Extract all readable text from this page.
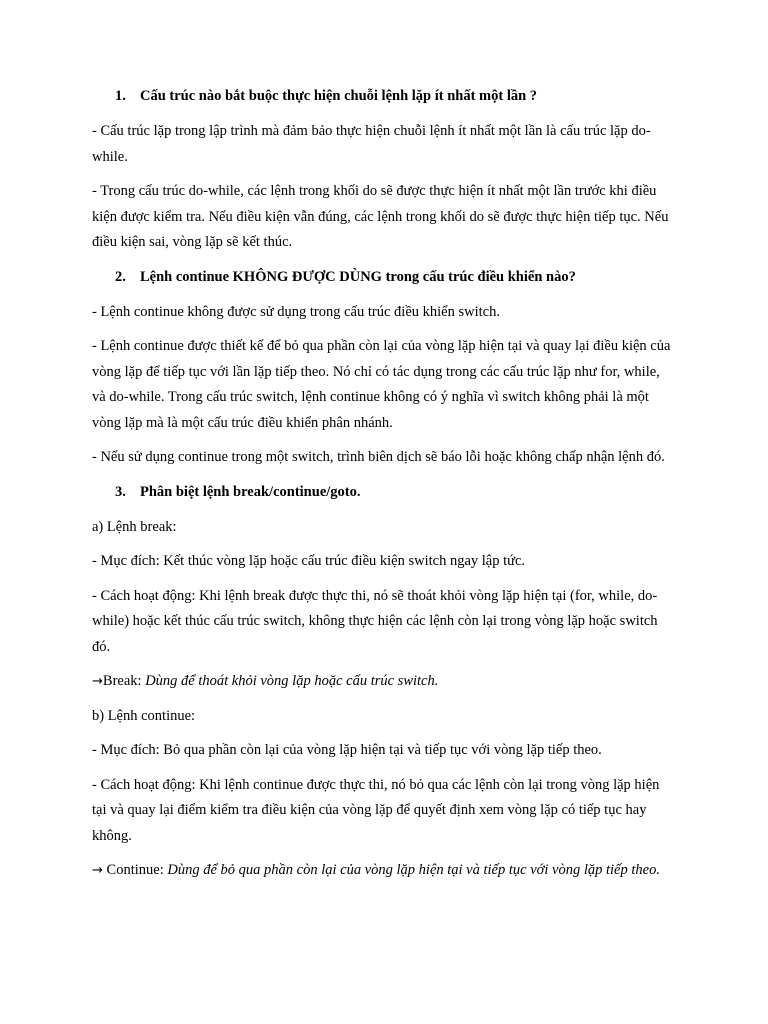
1. Cấu trúc nào bắt buộc thực hiện chuỗi lệnh lặp ít nhất một lần ?

- Cấu trúc lặp trong lập trình mà đảm bảo thực hiện chuỗi lệnh ít nhất một lần là cấu trúc lặp do-while.

- Trong cấu trúc do-while, các lệnh trong khối do sẽ được thực hiện ít nhất một lần trước khi điều kiện được kiểm tra. Nếu điều kiện vẫn đúng, các lệnh trong khối do sẽ được thực hiện tiếp tục. Nếu điều kiện sai, vòng lặp sẽ kết thúc.

2. Lệnh continue KHÔNG ĐƯỢC DÙNG trong cấu trúc điều khiển nào?

- Lệnh continue không được sử dụng trong cấu trúc điều khiển switch.

- Lệnh continue được thiết kế để bỏ qua phần còn lại của vòng lặp hiện tại và quay lại điều kiện của vòng lặp để tiếp tục với lần lặp tiếp theo. Nó chỉ có tác dụng trong các cấu trúc lặp như for, while, và do-while. Trong cấu trúc switch, lệnh continue không có ý nghĩa vì switch không phải là một vòng lặp mà là một cấu trúc điều khiển phân nhánh.

- Nếu sử dụng continue trong một switch, trình biên dịch sẽ báo lỗi hoặc không chấp nhận lệnh đó.

3. Phân biệt lệnh break/continue/goto.

a) Lệnh break:

- Mục đích: Kết thúc vòng lặp hoặc cấu trúc điều kiện switch ngay lập tức.

- Cách hoạt động: Khi lệnh break được thực thi, nó sẽ thoát khỏi vòng lặp hiện tại (for, while, do-while) hoặc kết thúc cấu trúc switch, không thực hiện các lệnh còn lại trong vòng lặp hoặc switch đó.

→Break: Dùng để thoát khỏi vòng lặp hoặc cấu trúc switch.

b) Lệnh continue:

- Mục đích: Bỏ qua phần còn lại của vòng lặp hiện tại và tiếp tục với vòng lặp tiếp theo.

- Cách hoạt động: Khi lệnh continue được thực thi, nó bỏ qua các lệnh còn lại trong vòng lặp hiện tại và quay lại điểm kiểm tra điều kiện của vòng lặp để quyết định xem vòng lặp có tiếp tục hay không.

→ Continue: Dùng để bỏ qua phần còn lại của vòng lặp hiện tại và tiếp tục với vòng lặp tiếp theo.
